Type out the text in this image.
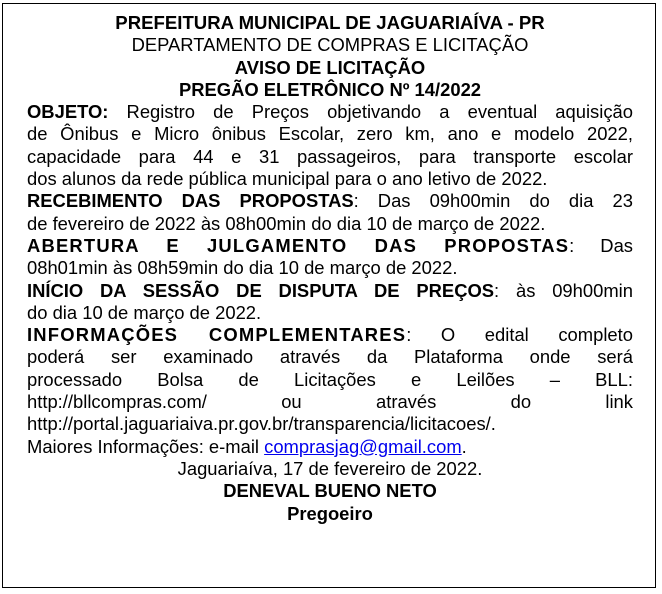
PREFEITURA MUNICIPAL DE JAGUARIAÍVA - PR
DEPARTAMENTO DE COMPRAS E LICITAÇÃO
AVISO DE LICITAÇÃO
PREGÃO ELETRÔNICO Nº 14/2022
OBJETO: Registro de Preços objetivando a eventual aquisição
de Ônibus e Micro ônibus Escolar, zero km, ano e modelo 2022,
capacidade para 44 e 31 passageiros, para transporte escolar
dos alunos da rede pública municipal para o ano letivo de 2022.
RECEBIMENTO DAS PROPOSTAS: Das 09h00min do dia 23
de fevereiro de 2022 às 08h00min do dia 10 de março de 2022.
ABERTURA E JULGAMENTO DAS PROPOSTAS: Das
08h01min às 08h59min do dia 10 de março de 2022.
INÍCIO DA SESSÃO DE DISPUTA DE PREÇOS: às 09h00min
do dia 10 de março de 2022.
INFORMAÇÕES COMPLEMENTARES: O edital completo
poderá ser examinado através da Plataforma onde será
processado Bolsa de Licitações e Leilões – BLL:
http://bllcompras.com/	ou	através	do	link
http://portal.jaguariaiva.pr.gov.br/transparencia/licitacoes/.
Maiores Informações: e-mail comprasjag@gmail.com.
Jaguariaíva, 17 de fevereiro de 2022.
DENEVAL BUENO NETO
Pregoeiro
